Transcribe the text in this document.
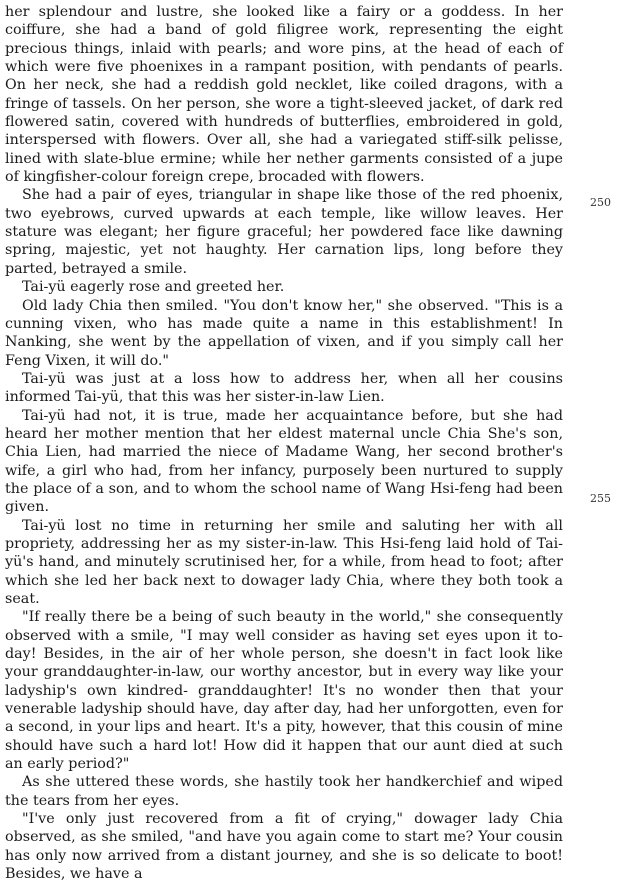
her splendour and lustre, she looked like a fairy or a goddess. In her coiffure, she had a band of gold filigree work, representing the eight precious things, inlaid with pearls; and wore pins, at the head of each of which were five phoenixes in a rampant position, with pendants of pearls. On her neck, she had a reddish gold necklet, like coiled dragons, with a fringe of tassels. On her person, she wore a tight-sleeved jacket, of dark red flowered satin, covered with hundreds of butterflies, embroidered in gold, interspersed with flowers. Over all, she had a variegated stiff-silk pelisse, lined with slate-blue ermine; while her nether garments consisted of a jupe of kingfisher-colour foreign crepe, brocaded with flowers.

She had a pair of eyes, triangular in shape like those of the red phoenix, two eyebrows, curved upwards at each temple, like willow leaves. Her stature was elegant; her figure graceful; her powdered face like dawning spring, majestic, yet not haughty. Her carnation lips, long before they parted, betrayed a smile.

Tai-yü eagerly rose and greeted her.

Old lady Chia then smiled. "You don't know her," she observed. "This is a cunning vixen, who has made quite a name in this establishment! In Nanking, she went by the appellation of vixen, and if you simply call her Feng Vixen, it will do."

Tai-yü was just at a loss how to address her, when all her cousins informed Tai-yü, that this was her sister-in-law Lien.

Tai-yü had not, it is true, made her acquaintance before, but she had heard her mother mention that her eldest maternal uncle Chia She's son, Chia Lien, had married the niece of Madame Wang, her second brother's wife, a girl who had, from her infancy, purposely been nurtured to supply the place of a son, and to whom the school name of Wang Hsi-feng had been given.

Tai-yü lost no time in returning her smile and saluting her with all propriety, addressing her as my sister-in-law. This Hsi-feng laid hold of Tai-yü's hand, and minutely scrutinised her, for a while, from head to foot; after which she led her back next to dowager lady Chia, where they both took a seat.

"If really there be a being of such beauty in the world," she consequently observed with a smile, "I may well consider as having set eyes upon it to-day! Besides, in the air of her whole person, she doesn't in fact look like your granddaughter-in-law, our worthy ancestor, but in every way like your ladyship's own kindred- granddaughter! It's no wonder then that your venerable ladyship should have, day after day, had her unforgotten, even for a second, in your lips and heart. It's a pity, however, that this cousin of mine should have such a hard lot! How did it happen that our aunt died at such an early period?"

As she uttered these words, she hastily took her handkerchief and wiped the tears from her eyes.

"I've only just recovered from a fit of crying," dowager lady Chia observed, as she smiled, "and have you again come to start me? Your cousin has only now arrived from a distant journey, and she is so delicate to boot! Besides, we have a

250
255
